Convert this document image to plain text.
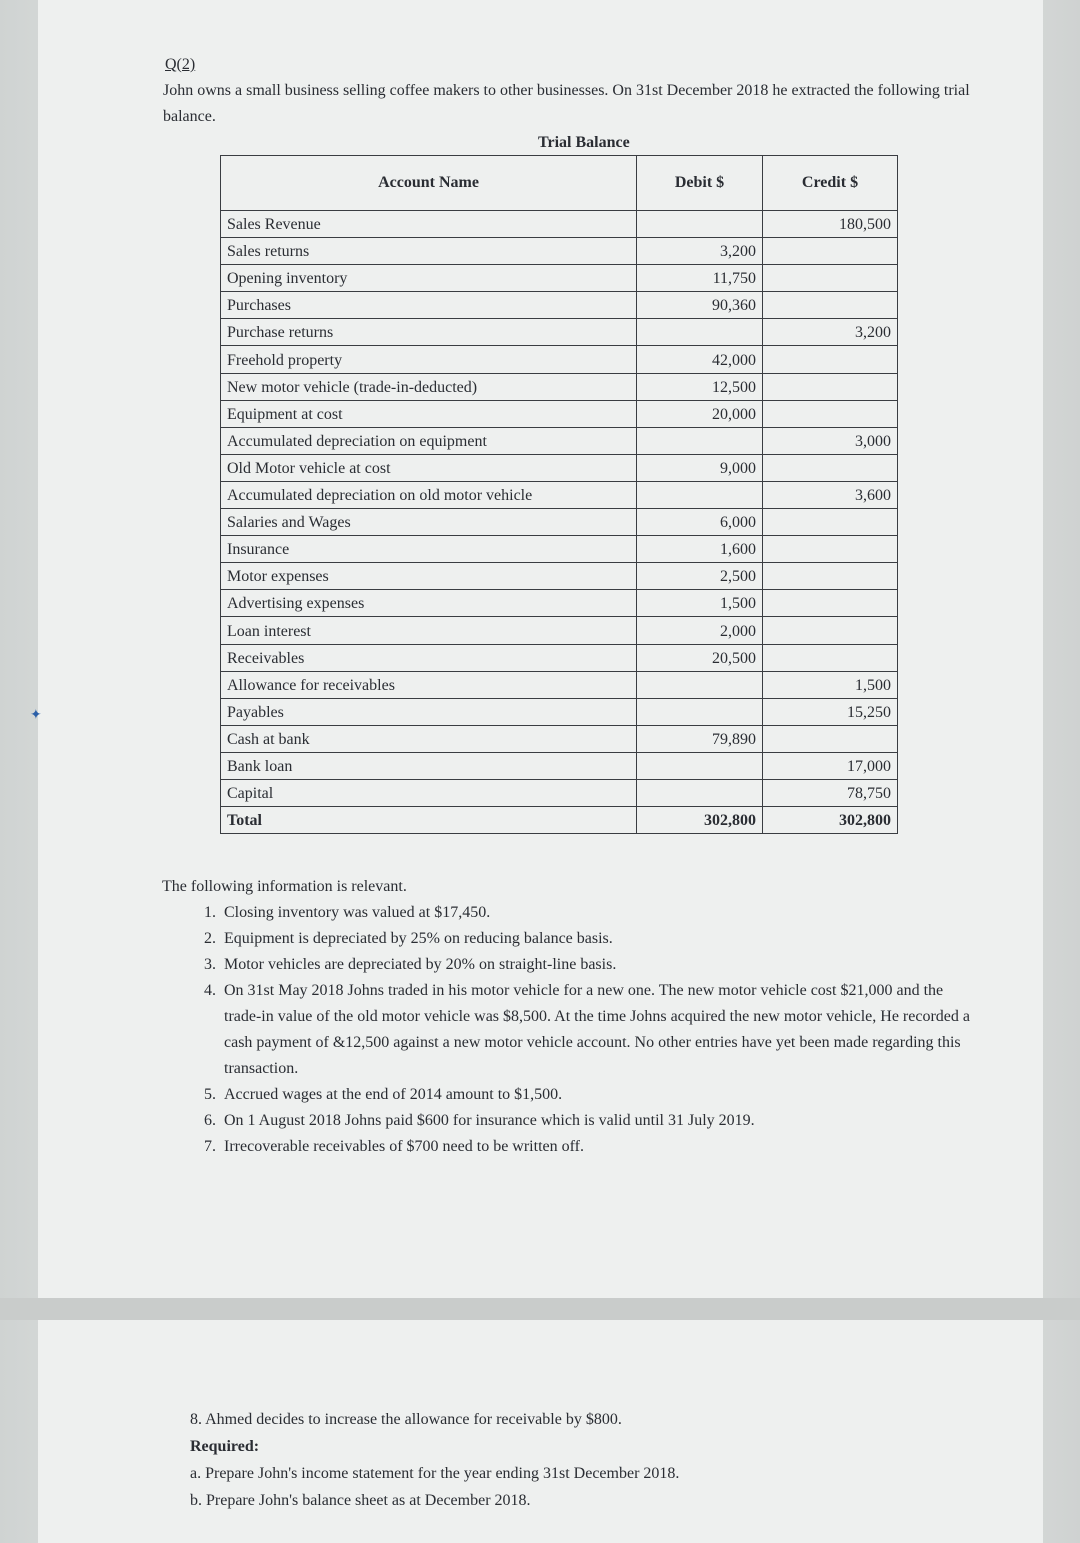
✦
Q(2)
John owns a small business selling coffee makers to other businesses. On 31st December 2018 he extracted the following trial balance.
Trial Balance
Account Name	Debit $	Credit $
Sales Revenue		180,500
Sales returns	3,200	
Opening inventory	11,750	
Purchases	90,360	
Purchase returns		3,200
Freehold property	42,000	
New motor vehicle (trade-in-deducted)	12,500	
Equipment at cost	20,000	
Accumulated depreciation on equipment		3,000
Old Motor vehicle at cost	9,000	
Accumulated depreciation on old motor vehicle		3,600
Salaries and Wages	6,000	
Insurance	1,600	
Motor expenses	2,500	
Advertising expenses	1,500	
Loan interest	2,000	
Receivables	20,500	
Allowance for receivables		1,500
Payables		15,250
Cash at bank	79,890	
Bank loan		17,000
Capital		78,750
Total	302,800	302,800
The following information is relevant.
1. Closing inventory was valued at $17,450.
2. Equipment is depreciated by 25% on reducing balance basis.
3. Motor vehicles are depreciated by 20% on straight-line basis.
4. On 31st May 2018 Johns traded in his motor vehicle for a new one. The new motor vehicle cost $21,000 and the trade-in value of the old motor vehicle was $8,500. At the time Johns acquired the new motor vehicle, He recorded a cash payment of &12,500 against a new motor vehicle account. No other entries have yet been made regarding this transaction.
5. Accrued wages at the end of 2014 amount to $1,500.
6. On 1 August 2018 Johns paid $600 for insurance which is valid until 31 July 2019.
7. Irrecoverable receivables of $700 need to be written off.
8. Ahmed decides to increase the allowance for receivable by $800.
Required:
a. Prepare John's income statement for the year ending 31st December 2018.
b. Prepare John's balance sheet as at December 2018.
